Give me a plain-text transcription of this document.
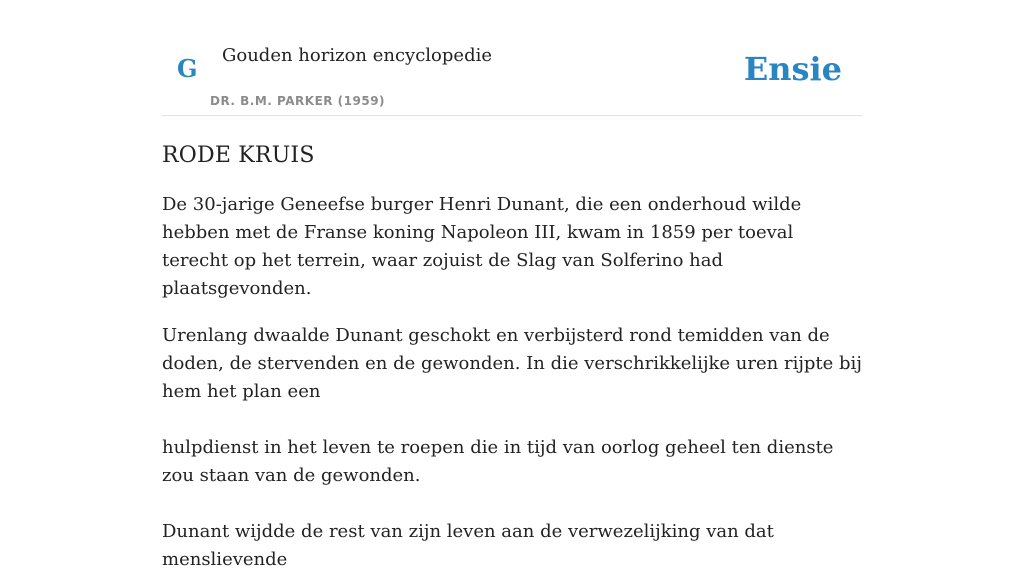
G Gouden horizon encyclopedie
DR. B.M. PARKER (1959)
Ensie
RODE KRUIS

De 30-jarige Geneefse burger Henri Dunant, die een onderhoud wilde hebben met de Franse koning Napoleon III, kwam in 1859 per toeval terecht op het terrein, waar zojuist de Slag van Solferino had plaatsgevonden.

Urenlang dwaalde Dunant geschokt en verbijsterd rond temidden van de doden, de stervenden en de gewonden. In die verschrikkelijke uren rijpte bij hem het plan een

hulpdienst in het leven te roepen die in tijd van oorlog geheel ten dienste zou staan van de gewonden.

Dunant wijdde de rest van zijn leven aan de verwezelijking van dat menslievende
